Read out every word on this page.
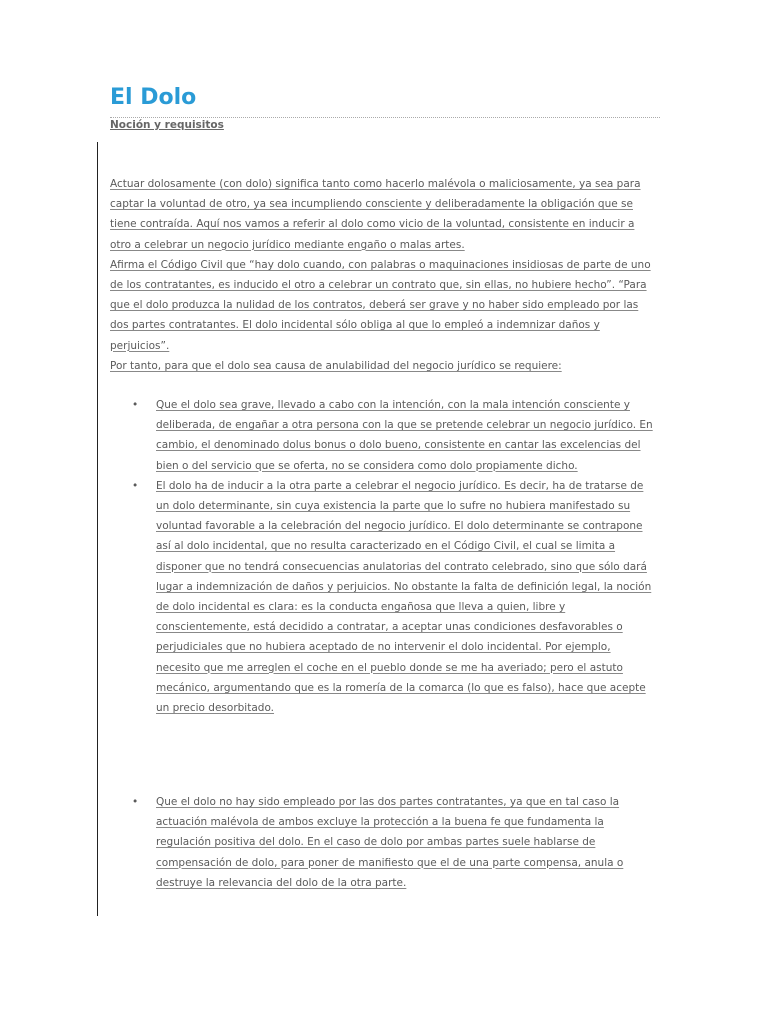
El Dolo
Noción y requisitos

Actuar dolosamente (con dolo) significa tanto como hacerlo malévola o maliciosamente, ya sea para captar la voluntad de otro, ya sea incumpliendo consciente y deliberadamente la obligación que se tiene contraída. Aquí nos vamos a referir al dolo como vicio de la voluntad, consistente en inducir a otro a celebrar un negocio jurídico mediante engaño o malas artes.

Afirma el Código Civil que “hay dolo cuando, con palabras o maquinaciones insidiosas de parte de uno de los contratantes, es inducido el otro a celebrar un contrato que, sin ellas, no hubiere hecho”. “Para que el dolo produzca la nulidad de los contratos, deberá ser grave y no haber sido empleado por las dos partes contratantes. El dolo incidental sólo obliga al que lo empleó a indemnizar daños y perjuicios”.

Por tanto, para que el dolo sea causa de anulabilidad del negocio jurídico se requiere:

• Que el dolo sea grave, llevado a cabo con la intención, con la mala intención consciente y deliberada, de engañar a otra persona con la que se pretende celebrar un negocio jurídico. En cambio, el denominado dolus bonus o dolo bueno, consistente en cantar las excelencias del bien o del servicio que se oferta, no se considera como dolo propiamente dicho.
• El dolo ha de inducir a la otra parte a celebrar el negocio jurídico. Es decir, ha de tratarse de un dolo determinante, sin cuya existencia la parte que lo sufre no hubiera manifestado su voluntad favorable a la celebración del negocio jurídico. El dolo determinante se contrapone así al dolo incidental, que no resulta caracterizado en el Código Civil, el cual se limita a disponer que no tendrá consecuencias anulatorias del contrato celebrado, sino que sólo dará lugar a indemnización de daños y perjuicios. No obstante la falta de definición legal, la noción de dolo incidental es clara: es la conducta engañosa que lleva a quien, libre y conscientemente, está decidido a contratar, a aceptar unas condiciones desfavorables o perjudiciales que no hubiera aceptado de no intervenir el dolo incidental. Por ejemplo, necesito que me arreglen el coche en el pueblo donde se me ha averiado; pero el astuto mecánico, argumentando que es la romería de la comarca (lo que es falso), hace que acepte un precio desorbitado.
• Que el dolo no hay sido empleado por las dos partes contratantes, ya que en tal caso la actuación malévola de ambos excluye la protección a la buena fe que fundamenta la regulación positiva del dolo. En el caso de dolo por ambas partes suele hablarse de compensación de dolo, para poner de manifiesto que el de una parte compensa, anula o destruye la relevancia del dolo de la otra parte.
